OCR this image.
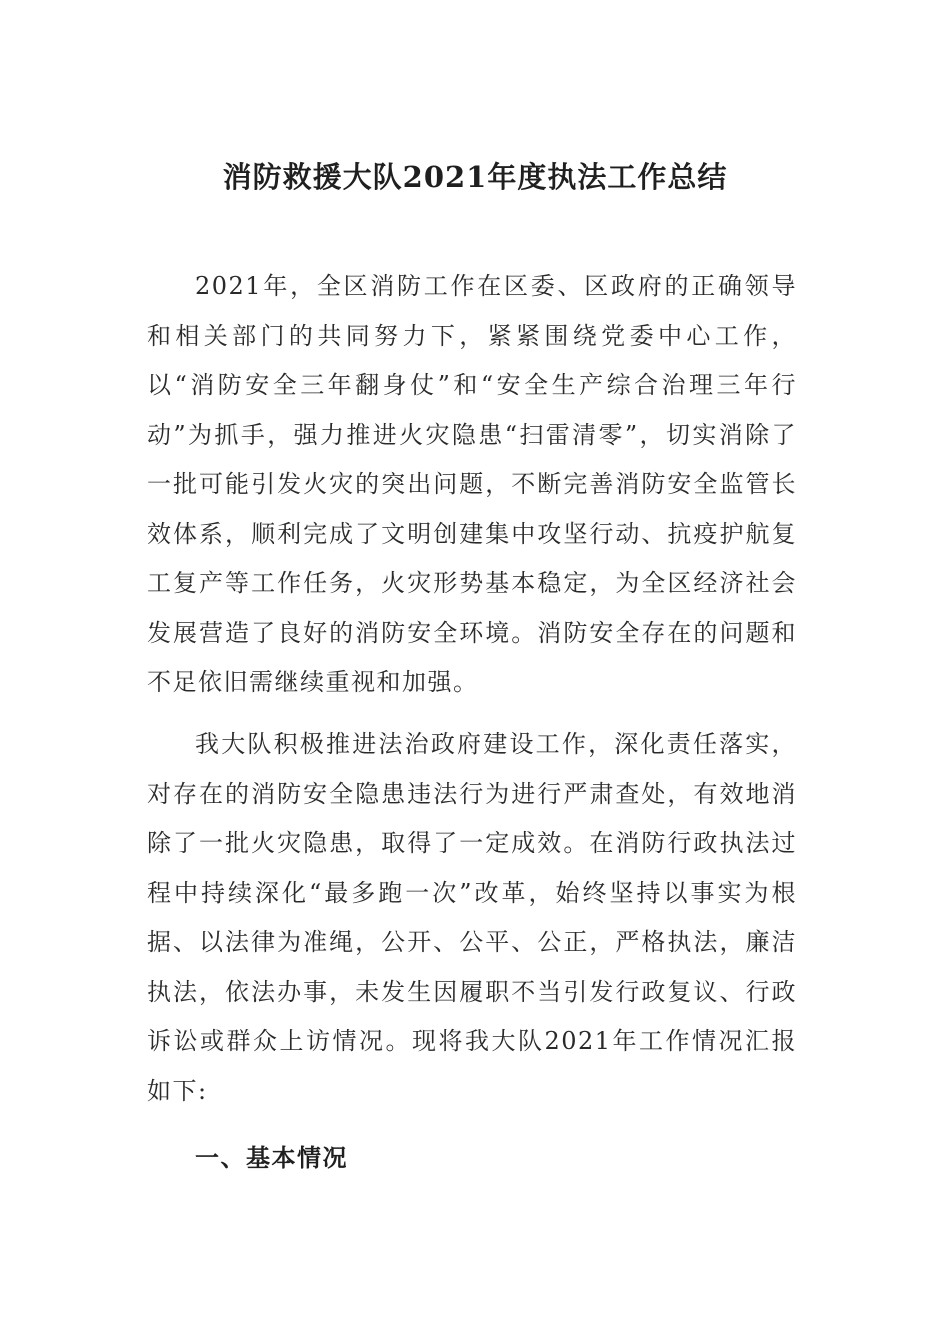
消防救援大队2021年度执法工作总结

2021年，全区消防工作在区委、区政府的正确领导和相关部门的共同努力下，紧紧围绕党委中心工作，以“消防安全三年翻身仗”和“安全生产综合治理三年行动”为抓手，强力推进火灾隐患“扫雷清零”，切实消除了一批可能引发火灾的突出问题，不断完善消防安全监管长效体系，顺利完成了文明创建集中攻坚行动、抗疫护航复工复产等工作任务，火灾形势基本稳定，为全区经济社会发展营造了良好的消防安全环境。消防安全存在的问题和不足依旧需继续重视和加强。

我大队积极推进法治政府建设工作，深化责任落实，对存在的消防安全隐患违法行为进行严肃查处，有效地消除了一批火灾隐患，取得了一定成效。在消防行政执法过程中持续深化“最多跑一次”改革，始终坚持以事实为根据、以法律为准绳，公开、公平、公正，严格执法，廉洁执法，依法办事，未发生因履职不当引发行政复议、行政诉讼或群众上访情况。现将我大队2021年工作情况汇报如下:

一、基本情况
